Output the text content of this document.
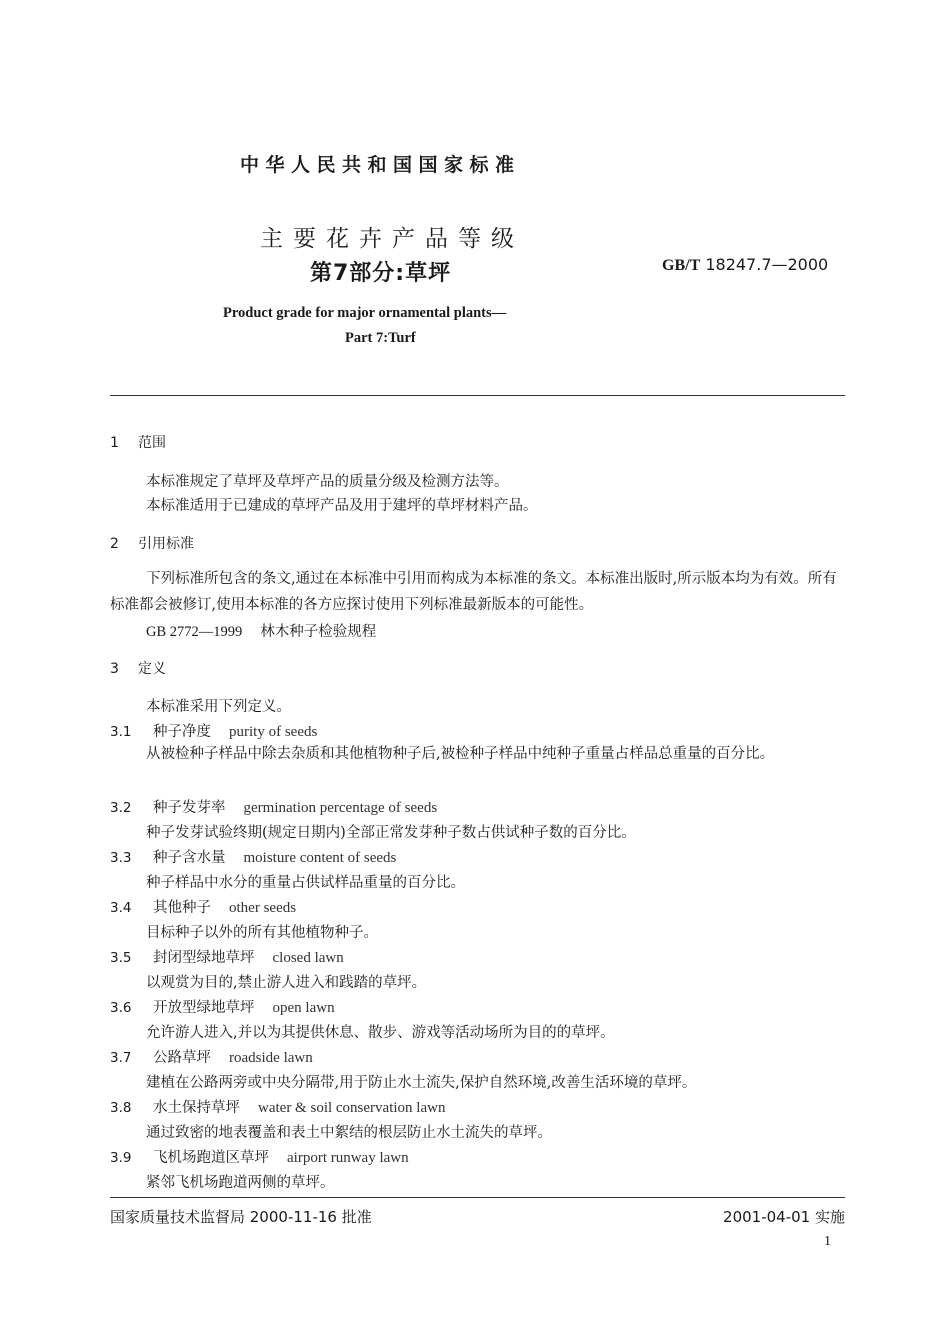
中华人民共和国国家标准
主要花卉产品等级
第7部分:草坪	GB/T 18247.7—2000
Product grade for major ornamental plants—
Part 7:Turf
1 范围
本标准规定了草坪及草坪产品的质量分级及检测方法等。
本标准适用于已建成的草坪产品及用于建坪的草坪材料产品。
2 引用标准
下列标准所包含的条文,通过在本标准中引用而构成为本标准的条文。本标准出版时,所示版本均为有效。所有标准都会被修订,使用本标准的各方应探讨使用下列标准最新版本的可能性。
GB 2772—1999 林木种子检验规程
3 定义
本标准采用下列定义。
3.1 种子净度 purity of seeds
从被检种子样品中除去杂质和其他植物种子后,被检种子样品中纯种子重量占样品总重量的百分比。
3.2 种子发芽率 germination percentage of seeds
种子发芽试验终期(规定日期内)全部正常发芽种子数占供试种子数的百分比。
3.3 种子含水量 moisture content of seeds
种子样品中水分的重量占供试样品重量的百分比。
3.4 其他种子 other seeds
目标种子以外的所有其他植物种子。
3.5 封闭型绿地草坪 closed lawn
以观赏为目的,禁止游人进入和践踏的草坪。
3.6 开放型绿地草坪 open lawn
允许游人进入,并以为其提供休息、散步、游戏等活动场所为目的的草坪。
3.7 公路草坪 roadside lawn
建植在公路两旁或中央分隔带,用于防止水土流失,保护自然环境,改善生活环境的草坪。
3.8 水土保持草坪 water & soil conservation lawn
通过致密的地表覆盖和表土中絮结的根层防止水土流失的草坪。
3.9 飞机场跑道区草坪 airport runway lawn
紧邻飞机场跑道两侧的草坪。
国家质量技术监督局 2000-11-16 批准	2001-04-01 实施
1
